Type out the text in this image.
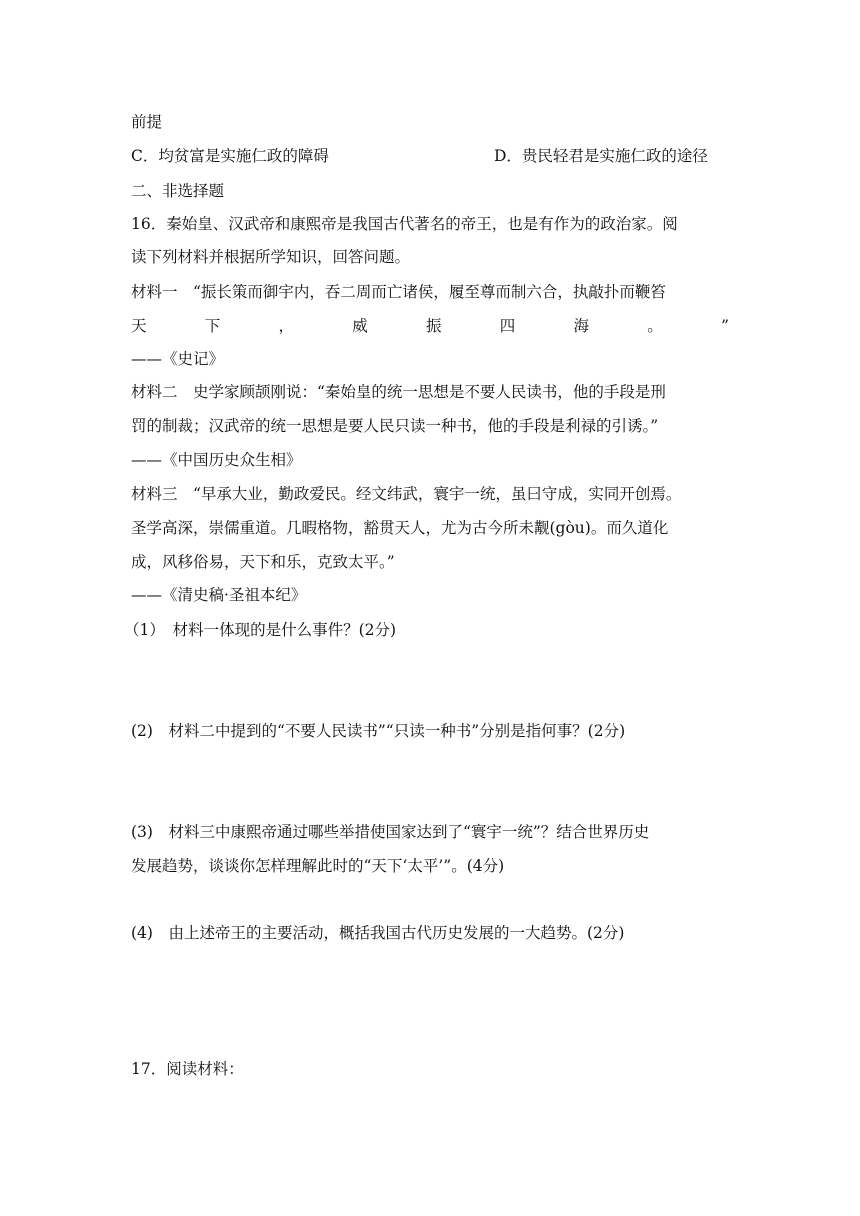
前提
C．均贫富是实施仁政的障碍	D．贵民轻君是实施仁政的途径
二、非选择题
16．秦始皇、汉武帝和康熙帝是我国古代著名的帝王，也是有作为的政治家。阅
读下列材料并根据所学知识，回答问题。
材料一　“振长策而御宇内，吞二周而亡诸侯，履至尊而制六合，执敲扑而鞭笞
天	下	，	威	振	四	海	。	”
——《史记》
材料二　史学家顾颉刚说：“秦始皇的统一思想是不要人民读书，他的手段是刑
罚的制裁；汉武帝的统一思想是要人民只读一种书，他的手段是利禄的引诱。”
——《中国历史众生相》
材料三　“早承大业，勤政爱民。经文纬武，寰宇一统，虽曰守成，实同开创焉。
圣学高深，崇儒重道。几暇格物，豁贯天人，尤为古今所未觏(gòu)。而久道化
成，风移俗易，天下和乐，克致太平。”
——《清史稿·圣祖本纪》
（1）　材料一体现的是什么事件？(2分)
(2)　材料二中提到的“不要人民读书”“只读一种书”分别是指何事？(2分)
(3)　材料三中康熙帝通过哪些举措使国家达到了“寰宇一统”？结合世界历史
发展趋势，谈谈你怎样理解此时的“天下‘太平’”。(4分)
(4)　由上述帝王的主要活动，概括我国古代历史发展的一大趋势。(2分)
17．阅读材料：
